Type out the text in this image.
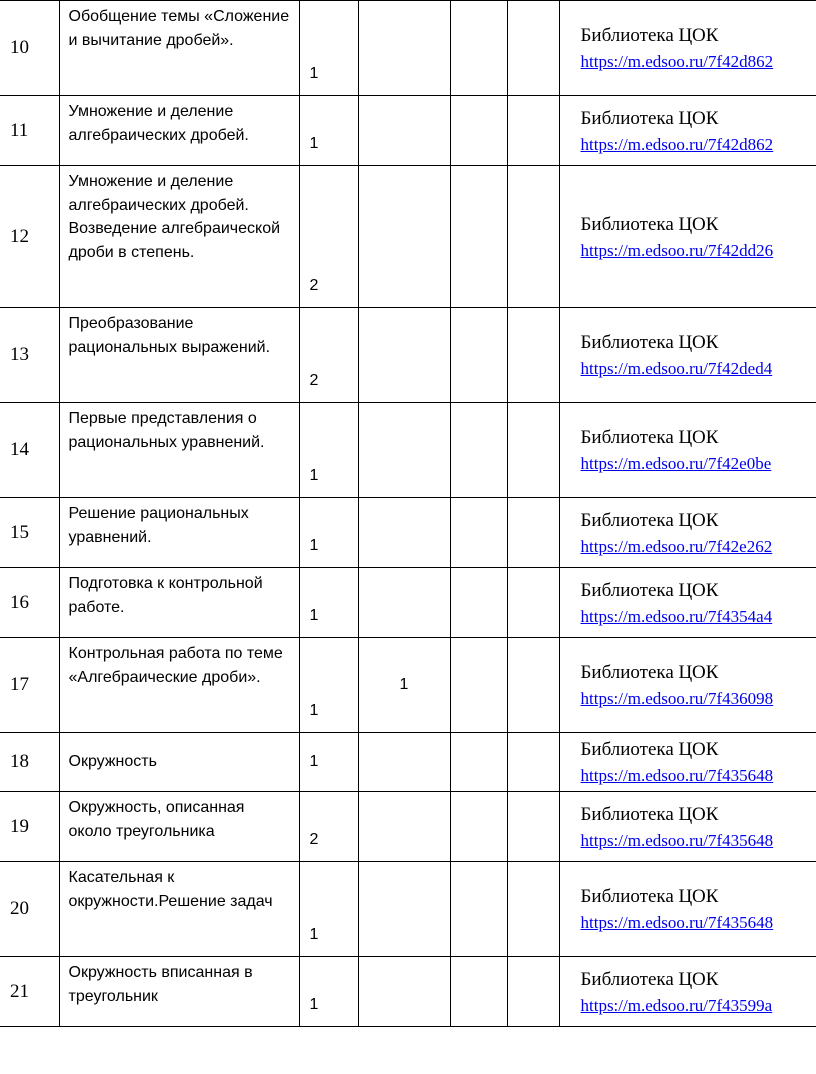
10	Обобщение темы «Сложение и вычитание дробей».	1				Библиотека ЦОК
https://m.edsoo.ru/7f42d862

11	Умножение и деление алгебраических дробей.	1				Библиотека ЦОК
https://m.edsoo.ru/7f42d862

12	Умножение и деление алгебраических дробей. Возведение алгебраической дроби в степень.	2				Библиотека ЦОК
https://m.edsoo.ru/7f42dd26

13	Преобразование рациональных выражений.	2				Библиотека ЦОК
https://m.edsoo.ru/7f42ded4

14	Первые представления о рациональных уравнений.	1				Библиотека ЦОК
https://m.edsoo.ru/7f42e0be

15	Решение рациональных уравнений.	1				Библиотека ЦОК
https://m.edsoo.ru/7f42e262

16	Подготовка к контрольной работе.	1				Библиотека ЦОК
https://m.edsoo.ru/7f4354a4

17	Контрольная работа по теме «Алгебраические дроби».	1	1			Библиотека ЦОК
https://m.edsoo.ru/7f436098

18	Окружность	1				Библиотека ЦОК
https://m.edsoo.ru/7f435648

19	Окружность, описанная около треугольника	2				Библиотека ЦОК
https://m.edsoo.ru/7f435648

20	Касательная к окружности.Решение задач	1				Библиотека ЦОК
https://m.edsoo.ru/7f435648

21	Окружность вписанная в треугольник	1				Библиотека ЦОК
https://m.edsoo.ru/7f43599a
